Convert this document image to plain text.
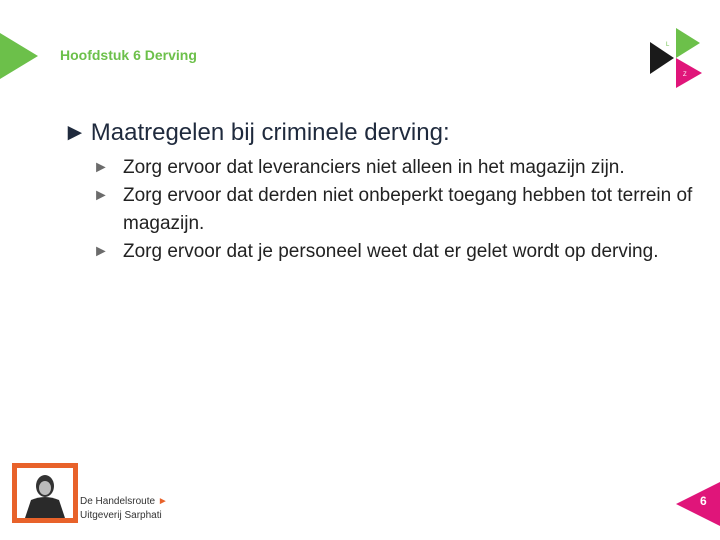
Hoofdstuk 6 Derving
L
Z
► Maatregelen bij criminele derving:
► Zorg ervoor dat leveranciers niet alleen in het magazijn zijn.
► Zorg ervoor dat derden niet onbeperkt toegang hebben tot terrein of magazijn.
► Zorg ervoor dat je personeel weet dat er gelet wordt op derving.
De Handelsroute ►
Uitgeverij Sarphati
6
